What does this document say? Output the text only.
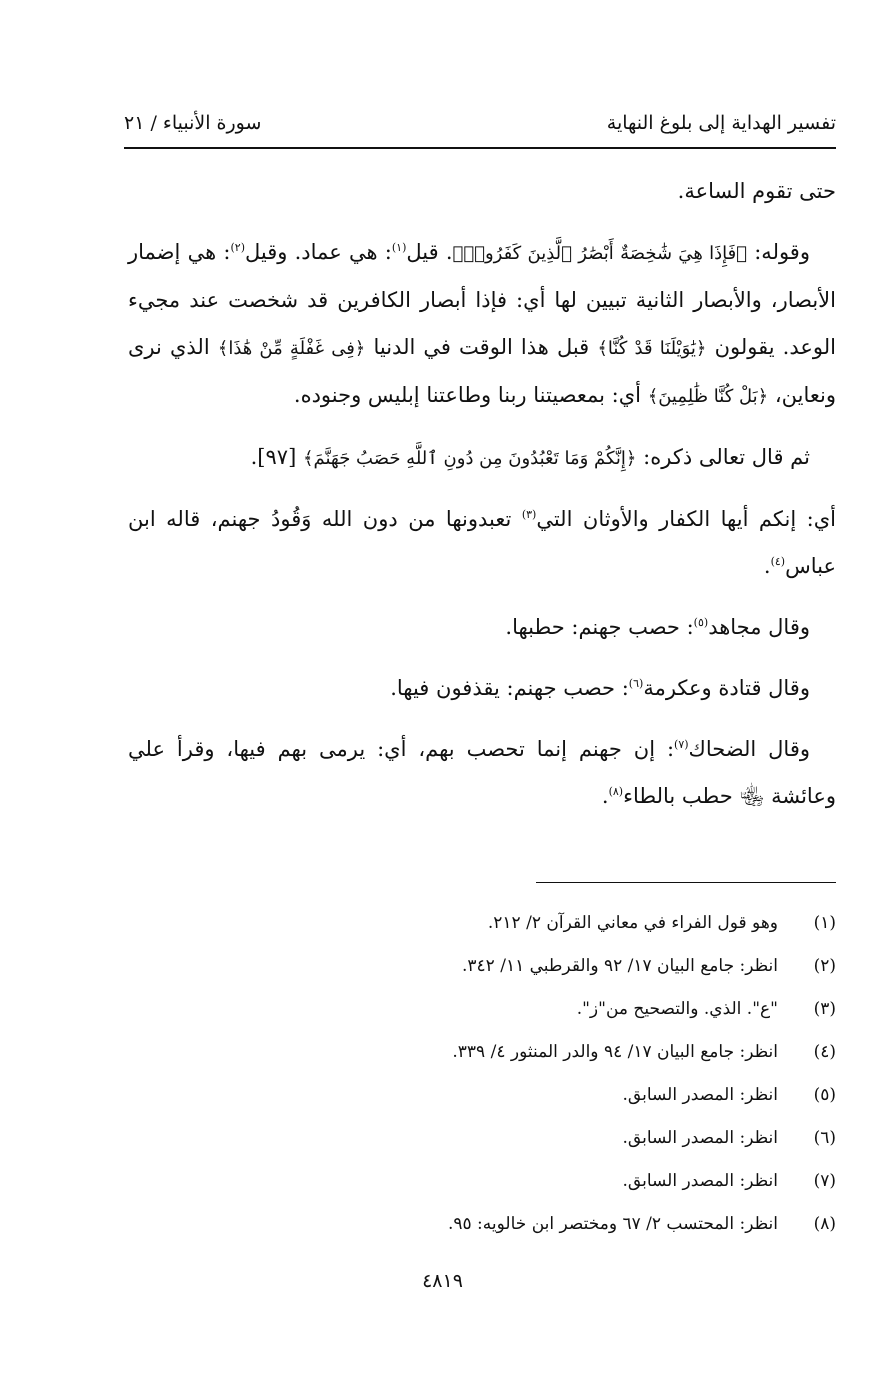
تفسير الهداية إلى بلوغ النهاية
سورة الأنبياء / ٢١

حتى تقوم الساعة.

وقوله: ﴿فَإِذَا هِيَ شَٰخِصَةٌ أَبْصَٰرُ ٱلَّذِينَ كَفَرُوا۟﴾. قيل$^{(١)}$: هي عماد. وقيل$^{(٢)}$: هي إضمار الأبصار، والأبصار الثانية تبيين لها أي: فإذا أبصار الكافرين قد شخصت عند مجيء الوعد. يقولون ﴿يَٰوَيْلَنَا قَدْ كُنَّا﴾ قبل هذا الوقت في الدنيا ﴿فِى غَفْلَةٍ مِّنْ هَٰذَا﴾ الذي نرى ونعاين، ﴿بَلْ كُنَّا ظَٰلِمِينَ﴾ أي: بمعصيتنا ربنا وطاعتنا إبليس وجنوده.

ثم قال تعالى ذكره: ﴿إِنَّكُمْ وَمَا تَعْبُدُونَ مِن دُونِ ٱللَّهِ حَصَبُ جَهَنَّمَ﴾ [٩٧].

أي: إنكم أيها الكفار والأوثان التي$^{(٣)}$ تعبدونها من دون الله وَقُودُ جهنم، قاله ابن عباس$^{(٤)}$.

وقال مجاهد$^{(٥)}$: حصب جهنم: حطبها.

وقال قتادة وعكرمة$^{(٦)}$: حصب جهنم: يقذفون فيها.

وقال الضحاك$^{(٧)}$: إن جهنم إنما تحصب بهم، أي: يرمى بهم فيها، وقرأ علي وعائشة ﵄ حطب بالطاء$^{(٨)}$.

(١)
وهو قول الفراء في معاني القرآن ٢/ ٢١٢.
(٢)
انظر: جامع البيان ١٧/ ٩٢ والقرطبي ١١/ ٣٤٢.
(٣)
"ع". الذي. والتصحيح من"ز".
(٤)
انظر: جامع البيان ١٧/ ٩٤ والدر المنثور ٤/ ٣٣٩.
(٥)
انظر: المصدر السابق.
(٦)
انظر: المصدر السابق.
(٧)
انظر: المصدر السابق.
(٨)
انظر: المحتسب ٢/ ٦٧ ومختصر ابن خالويه: ٩٥.
٤٨١٩
